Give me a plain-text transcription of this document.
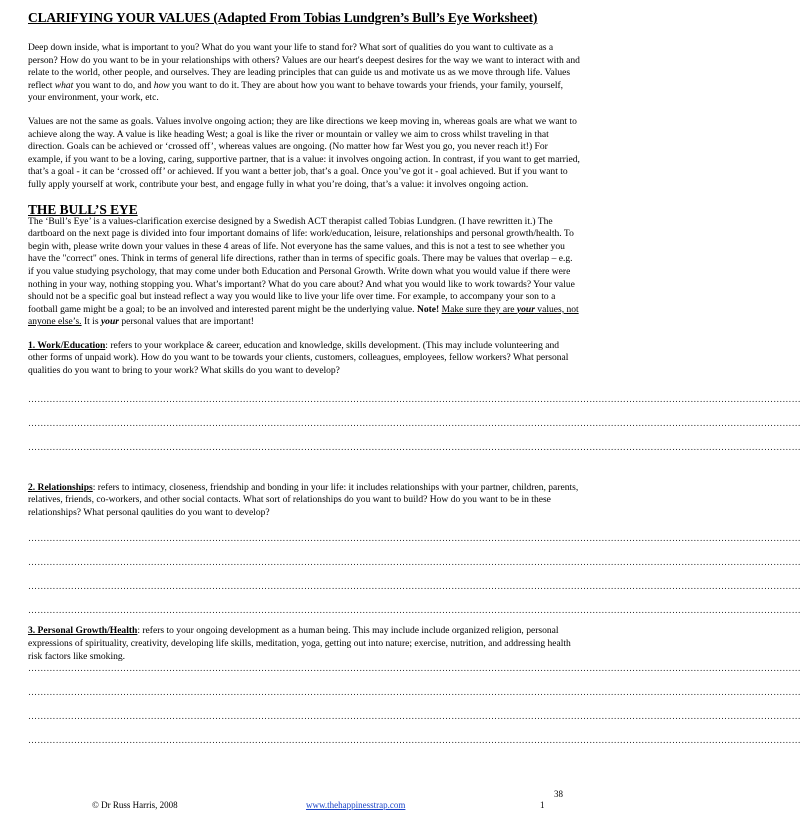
CLARIFYING YOUR VALUES (Adapted From Tobias Lundgren’s Bull’s Eye Worksheet)

Deep down inside, what is important to you? What do you want your life to stand for? What sort of qualities do you want to cultivate as a person? How do you want to be in your relationships with others? Values are our heart's deepest desires for the way we want to interact with and relate to the world, other people, and ourselves. They are leading principles that can guide us and motivate us as we move through life. Values reflect what you want to do, and how you want to do it. They are about how you want to behave towards your friends, your family, yourself, your environment, your work, etc.

Values are not the same as goals. Values involve ongoing action; they are like directions we keep moving in, whereas goals are what we want to achieve along the way. A value is like heading West; a goal is like the river or mountain or valley we aim to cross whilst traveling in that direction. Goals can be achieved or ‘crossed off’, whereas values are ongoing. (No matter how far West you go, you never reach it!) For example, if you want to be a loving, caring, supportive partner, that is a value: it involves ongoing action. In contrast, if you want to get married, that’s a goal - it can be ‘crossed off’ or achieved. If you want a better job, that’s a goal. Once you’ve got it - goal achieved. But if you want to fully apply yourself at work, contribute your best, and engage fully in what you’re doing, that’s a value: it involves ongoing action.

THE BULL’S EYE

The ‘Bull’s Eye’ is a values-clarification exercise designed by a Swedish ACT therapist called Tobias Lundgren. (I have rewritten it.) The dartboard on the next page is divided into four important domains of life: work/education, leisure, relationships and personal growth/health. To begin with, please write down your values in these 4 areas of life. Not everyone has the same values, and this is not a test to see whether you have the "correct" ones. Think in terms of general life directions, rather than in terms of specific goals. There may be values that overlap – e.g. if you value studying psychology, that may come under both Education and Personal Growth. Write down what you would value if there were nothing in your way, nothing stopping you. What’s important? What do you care about? And what you would like to work towards? Your value should not be a specific goal but instead reflect a way you would like to live your life over time. For example, to accompany your son to a football game might be a goal; to be an involved and interested parent might be the underlying value. Note! Make sure they are your values, not anyone else’s. It is your personal values that are important!

1. Work/Education: refers to your workplace & career, education and knowledge, skills development. (This may include volunteering and other forms of unpaid work). How do you want to be towards your clients, customers, colleagues, employees, fellow workers? What personal qualities do you want to bring to your work? What skills do you want to develop?

………………………………………………………………………………………………………………………………………………………………………………………………………………………………
………………………………………………………………………………………………………………………………………………………………………………………………………………………………
………………………………………………………………………………………………………………………………………………………………………………………………………………………………

2. Relationships: refers to intimacy, closeness, friendship and bonding in your life: it includes relationships with your partner, children, parents, relatives, friends, co-workers, and other social contacts. What sort of relationships do you want to build? How do you want to be in these relationships? What personal qaulities do you want to develop?

………………………………………………………………………………………………………………………………………………………………………………………………………………………………
………………………………………………………………………………………………………………………………………………………………………………………………………………………………
………………………………………………………………………………………………………………………………………………………………………………………………………………………………
………………………………………………………………………………………………………………………………………………………………………………………………………………………………

3. Personal Growth/Health: refers to your ongoing development as a human being. This may include include organized religion, personal expressions of spirituality, creativity, developing life skills, meditation, yoga, getting out into nature; exercise, nutrition, and addressing health risk factors like smoking.

………………………………………………………………………………………………………………………………………………………………………………………………………………………………
………………………………………………………………………………………………………………………………………………………………………………………………………………………………
………………………………………………………………………………………………………………………………………………………………………………………………………………………………
………………………………………………………………………………………………………………………………………………………………………………………………………………………………
38
© Dr Russ Harris, 2008	www.thehappinesstrap.com	1
